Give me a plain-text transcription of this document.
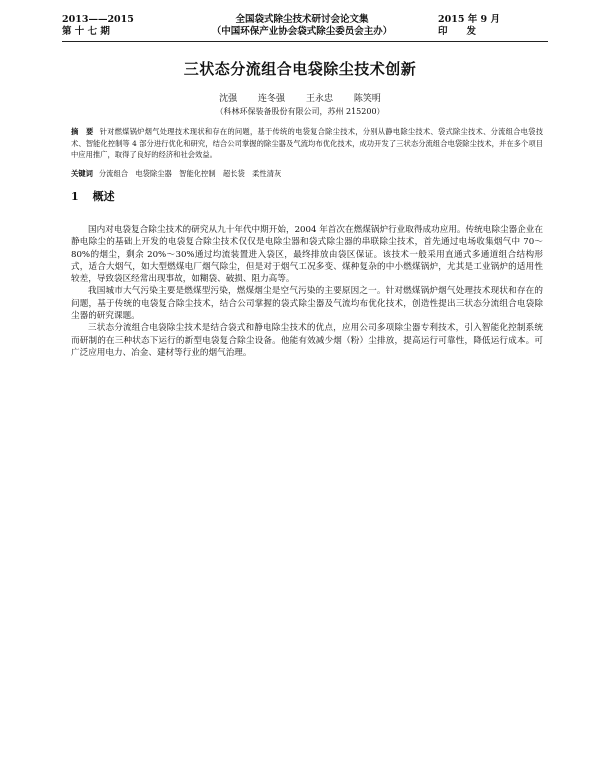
2013——2015
第 十 七 期
全国袋式除尘技术研讨会论文集
（中国环保产业协会袋式除尘委员会主办）
2015 年 9 月
印　　发
三状态分流组合电袋除尘技术创新
沈强 连冬强 王永忠 陈笑明
（科林环保装备股份有限公司，苏州 215200）
摘　要 针对燃煤锅炉烟气处理技术现状和存在的问题，基于传统的电袋复合除尘技术，分别从静电除尘技术、袋式除尘技术、分流组合电袋技术、智能化控制等 4 部分进行优化和研究，结合公司掌握的除尘器及气流均布优化技术，成功开发了三状态分流组合电袋除尘技术，并在多个项目中应用推广，取得了良好的经济和社会效益。
关键词 分流组合　电袋除尘器　智能化控制　超长袋　柔性清灰
1 概述

国内对电袋复合除尘技术的研究从九十年代中期开始，2004 年首次在燃煤锅炉行业取得成功应用。传统电除尘器企业在静电除尘的基础上开发的电袋复合除尘技术仅仅是电除尘器和袋式除尘器的串联除尘技术，首先通过电场收集烟气中 70～80%的烟尘，剩余 20%～30%通过均流装置进入袋区，最终排放由袋区保证。该技术一般采用直通式多通道组合结构形式，适合大烟气，如大型燃煤电厂烟气除尘，但是对于烟气工况多变、煤种复杂的中小燃煤锅炉，尤其是工业锅炉的适用性较差，导致袋区经常出现事故，如糊袋、破损、阻力高等。

我国城市大气污染主要是燃煤型污染，燃煤烟尘是空气污染的主要原因之一。针对燃煤锅炉烟气处理技术现状和存在的问题，基于传统的电袋复合除尘技术，结合公司掌握的袋式除尘器及气流均布优化技术，创造性提出三状态分流组合电袋除尘器的研究课题。

三状态分流组合电袋除尘技术是结合袋式和静电除尘技术的优点，应用公司多项除尘器专利技术，引入智能化控制系统而研制的在三种状态下运行的新型电袋复合除尘设备。他能有效减少烟（粉）尘排放，提高运行可靠性，降低运行成本。可广泛应用电力、冶金、建材等行业的烟气治理。
